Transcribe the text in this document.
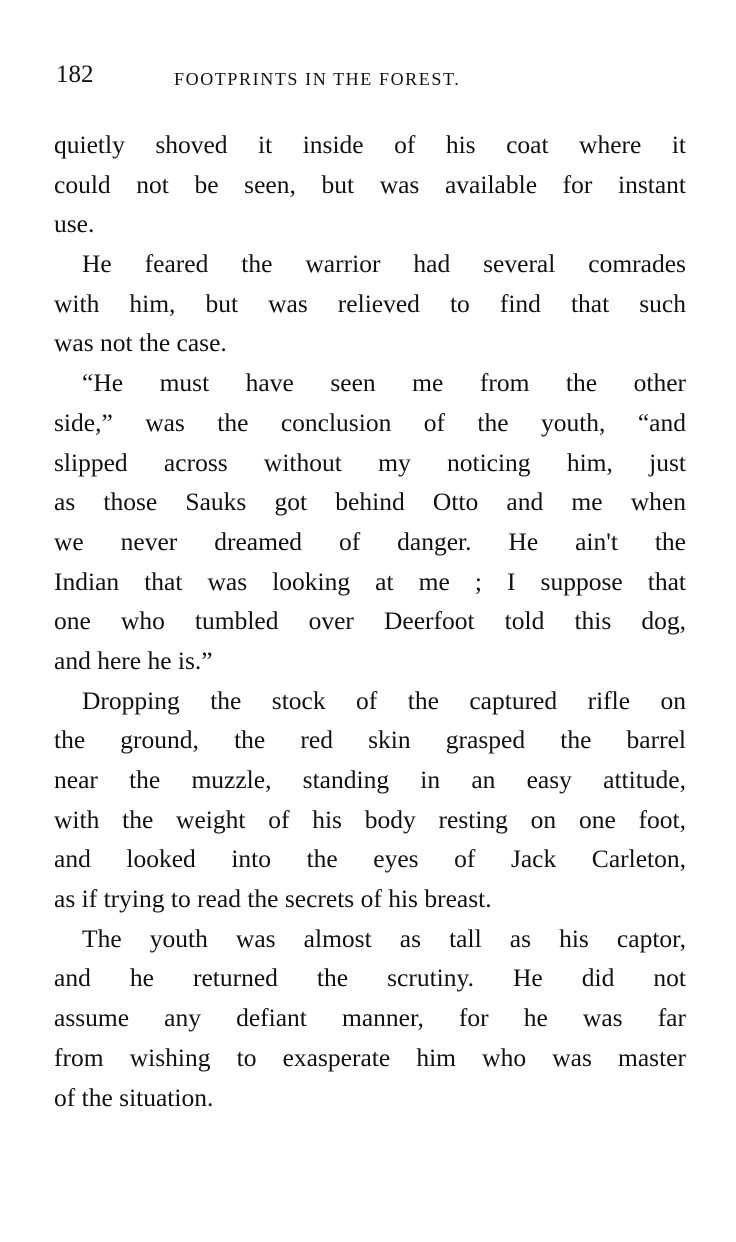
182	FOOTPRINTS IN THE FOREST.
quietly shoved it inside of his coat where it
could not be seen, but was available for instant
use.
He feared the warrior had several comrades
with him, but was relieved to find that such
was not the case.
“He must have seen me from the other
side,” was the conclusion of the youth, “and
slipped across without my noticing him, just
as those Sauks got behind Otto and me when
we never dreamed of danger. He ain't the
Indian that was looking at me ; I suppose that
one who tumbled over Deerfoot told this dog,
and here he is.”
Dropping the stock of the captured rifle on
the ground, the red skin grasped the barrel
near the muzzle, standing in an easy attitude,
with the weight of his body resting on one foot,
and looked into the eyes of Jack Carleton,
as if trying to read the secrets of his breast.
The youth was almost as tall as his captor,
and he returned the scrutiny. He did not
assume any defiant manner, for he was far
from wishing to exasperate him who was master
of the situation.
